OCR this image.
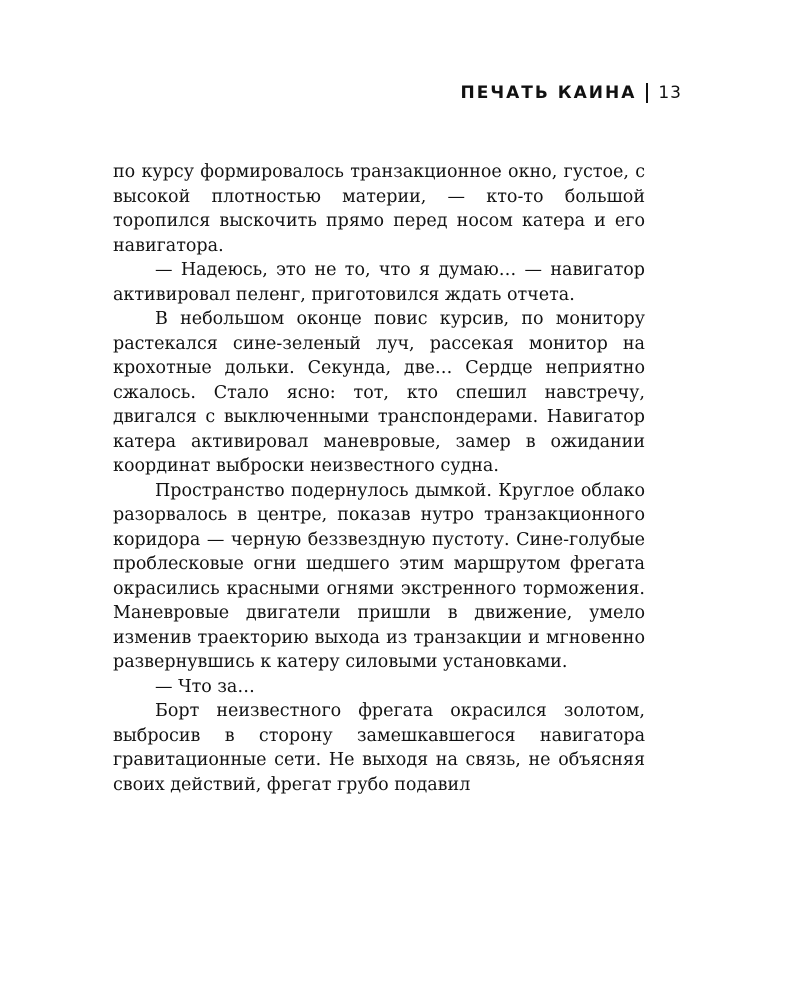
ПЕЧАТЬ КАИНА 13

по курсу формировалось транзакционное окно, густое, с высокой плотностью материи, — кто-то большой торопился выскочить прямо перед носом катера и его навигатора.

— Надеюсь, это не то, что я думаю… — навигатор активировал пеленг, приготовился ждать отчета.

В небольшом оконце повис курсив, по монитору растекался сине-зеленый луч, рассекая монитор на крохотные дольки. Секунда, две… Сердце неприятно сжалось. Стало ясно: тот, кто спешил навстречу, двигался с выключенными транспондерами. Навигатор катера активировал маневровые, замер в ожидании координат выброски неизвестного судна.

Пространство подернулось дымкой. Круглое облако разорвалось в центре, показав нутро транзакционного коридора — черную беззвездную пустоту. Сине-голубые проблесковые огни шедшего этим маршрутом фрегата окрасились красными огнями экстренного торможения. Маневровые двигатели пришли в движение, умело изменив траекторию выхода из транзакции и мгновенно развернувшись к катеру силовыми установками.

— Что за…

Борт неизвестного фрегата окрасился золотом, выбросив в сторону замешкавшегося навигатора гравитационные сети. Не выходя на связь, не объясняя своих действий, фрегат грубо подавил
